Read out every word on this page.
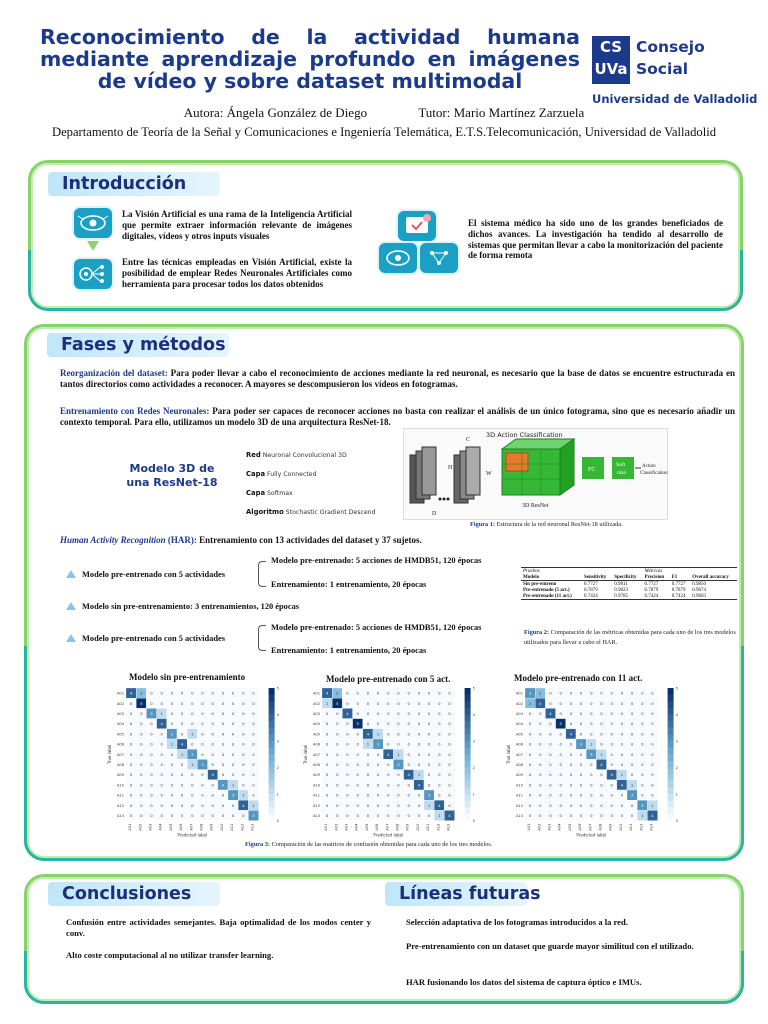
Reconocimiento de la actividad humana mediante aprendizaje profundo en imágenes de vídeo y sobre dataset multimodal
CS
UVa
Consejo
Social
Universidad de Valladolid
Autora: Ángela González de Diego	Tutor: Mario Martínez Zarzuela
Departamento de Teoría de la Señal y Comunicaciones e Ingeniería Telemática, E.T.S.Telecomunicación, Universidad de Valladolid
Introducción
La Visión Artificial es una rama de la Inteligencia Artificial que permite extraer información relevante de imágenes digitales, vídeos y otros inputs visuales
Entre las técnicas empleadas en Visión Artificial, existe la posibilidad de emplear Redes Neuronales Artificiales como herramienta para procesar todos los datos obtenidos
El sistema médico ha sido uno de los grandes beneficiados de dichos avances. La investigación ha tendido al desarrollo de sistemas que permitan llevar a cabo la monitorización del paciente de forma remota
Fases y métodos
Reorganización del dataset: Para poder llevar a cabo el reconocimiento de acciones mediante la red neuronal, es necesario que la base de datos se encuentre estructurada en tantos directorios como actividades a reconocer. A mayores se descompusieron los vídeos en fotogramas.
Entrenamiento con Redes Neuronales: Para poder ser capaces de reconocer acciones no basta con realizar el análisis de un único fotograma, sino que es necesario añadir un contexto temporal. Para ello, utilizamos un modelo 3D de una arquitectura ResNet-18.
Modelo 3D de una ResNet-18
Red Neuronal Convolucional 3D
Capa Fully Connected
Capa Softmax
Algoritmo Stochastic Gradient Descend
3D Action Classification
C
H
W
D
3D ResNet
FC
Soft
max
Action
Classification
Figura 1: Estructura de la red neuronal ResNet-18 utilizada.
Human Activity Recognition (HAR): Entrenamiento con 13 actividades del dataset y 37 sujetos.
Modelo pre-entrenado con 5 actividades
Modelo pre-entrenado: 5 acciones de HMDB51, 120 épocas
Entrenamiento: 1 entrenamiento, 20 épocas
Modelo sin pre-entrenamiento: 3 entrenamientos, 120 épocas
Modelo pre-entrenado con 5 actividades
Modelo pre-entrenado: 5 acciones de HMDB51, 120 épocas
Entrenamiento: 1 entrenamiento, 20 épocas
Pruebas			Métricas		
Modelo	Sensitivity	Specificity	Precision	F1	Overall accuracy
Sin pre-entreno	0.7727	0.9811	0.7727	0.7727	0.9850
Pre-entrenado (5 act.)	0.7879	0.9823	0.7879	0.7879	0.9674
Pre-entrenado (11 act.)	0.7424	0.9785	0.7424	0.7424	0.9603
Figura 2: Comparación de las métricas obtenidas para cada uno de los tres modelos utilizados para llevar a cabo el HAR.
Modelo sin pre-entrenamiento	Modelo pre-entrenado con 5 act.	Modelo pre-entrenado con 11 act.
4 2 0 0 0 0 0 0 0 0 0 0 0
A01
A01
0 5 0 0 0 0 0 0 0 0 0 0 0
A02
A02
0 0 3 1 0 0 0 0 0 0 0 0 0
A03
A03
0 0 0 4 0 0 0 0 0 0 0 0 0
A04
A04
0 0 0 0 3 0 1 0 0 0 0 0 0
A05
A05
0 0 0 0 1 4 0 0 0 0 0 0 0
A06
A06
0 0 0 0 0 1 3 0 0 0 0 0 0
A07
A07
0 0 0 0 0 0 1 3 0 0 0 0 0
A08
A08
0 0 0 0 0 0 0 0 4 0 0 0 0
A09
A09
0 0 0 0 0 0 0 0 0 3 1 0 0
A10
A10
0 0 0 0 0 0 0 0 0 0 3 1 0
A11
A11
0 0 0 0 0 0 0 0 0 0 0 4 1
A12
A12
0 0 0 0 0 0 0 0 0 0 0 0 3
A13
A13
True label
Predicted label
0
1
2
3
4
5
4 2 0 0 0 0 0 0 0 0 0 0 0
A01
A01
1 5 0 0 0 0 0 0 0 0 0 0 0
A02
A02
0 0 4 0 0 0 0 0 0 0 0 0 0
A03
A03
0 0 0 5 0 0 0 0 0 0 0 0 0
A04
A04
0 0 0 0 4 1 0 0 0 0 0 0 0
A05
A05
0 0 0 0 1 3 0 0 0 0 0 0 0
A06
A06
0 0 0 0 0 0 4 1 0 0 0 0 0
A07
A07
0 0 0 0 0 0 0 3 0 0 0 0 0
A08
A08
0 0 0 0 0 0 0 0 4 1 0 0 0
A09
A09
0 0 0 0 0 0 0 0 0 4 0 0 0
A10
A10
0 0 0 0 0 0 0 0 0 0 3 0 0
A11
A11
0 0 0 0 0 0 0 0 0 0 1 4 0
A12
A12
0 0 0 0 0 0 0 0 0 0 0 1 4
A13
A13
True label
Predicted label
0
1
2
3
4
5
3 2 0 0 0 0 0 0 0 0 0 0 0
A01
A01
2 4 0 0 0 0 0 0 0 0 0 0 0
A02
A02
0 0 4 0 0 0 0 0 0 0 0 0 0
A03
A03
0 0 0 5 0 0 0 0 0 0 0 0 0
A04
A04
0 0 0 0 4 0 0 0 0 0 0 0 0
A05
A05
0 0 0 0 0 3 1 0 0 0 0 0 0
A06
A06
0 0 0 0 0 0 3 1 0 0 0 0 0
A07
A07
0 0 0 0 0 0 0 4 0 0 0 0 0
A08
A08
0 0 0 0 0 0 0 0 4 1 0 0 0
A09
A09
0 0 0 0 0 0 0 0 0 4 1 0 0
A10
A10
0 0 0 0 0 0 0 0 0 0 3 0 0
A11
A11
0 0 0 0 0 0 0 0 0 0 0 3 1
A12
A12
0 0 0 0 0 0 0 0 0 0 0 1 4
A13
A13
True label
Predicted label
0
1
2
3
4
5
Figura 3: Comparación de las matrices de confusión obtenidas para cada uno de los tres modelos.
Conclusiones	Líneas futuras
Confusión entre actividades semejantes. Baja optimalidad de los modos center y conv.
Alto coste computacional al no utilizar transfer learning.
Selección adaptativa de los fotogramas introducidos a la red.
Pre-entrenamiento con un dataset que guarde mayor similitud con el utilizado.
HAR fusionando los datos del sistema de captura óptico e IMUs.
